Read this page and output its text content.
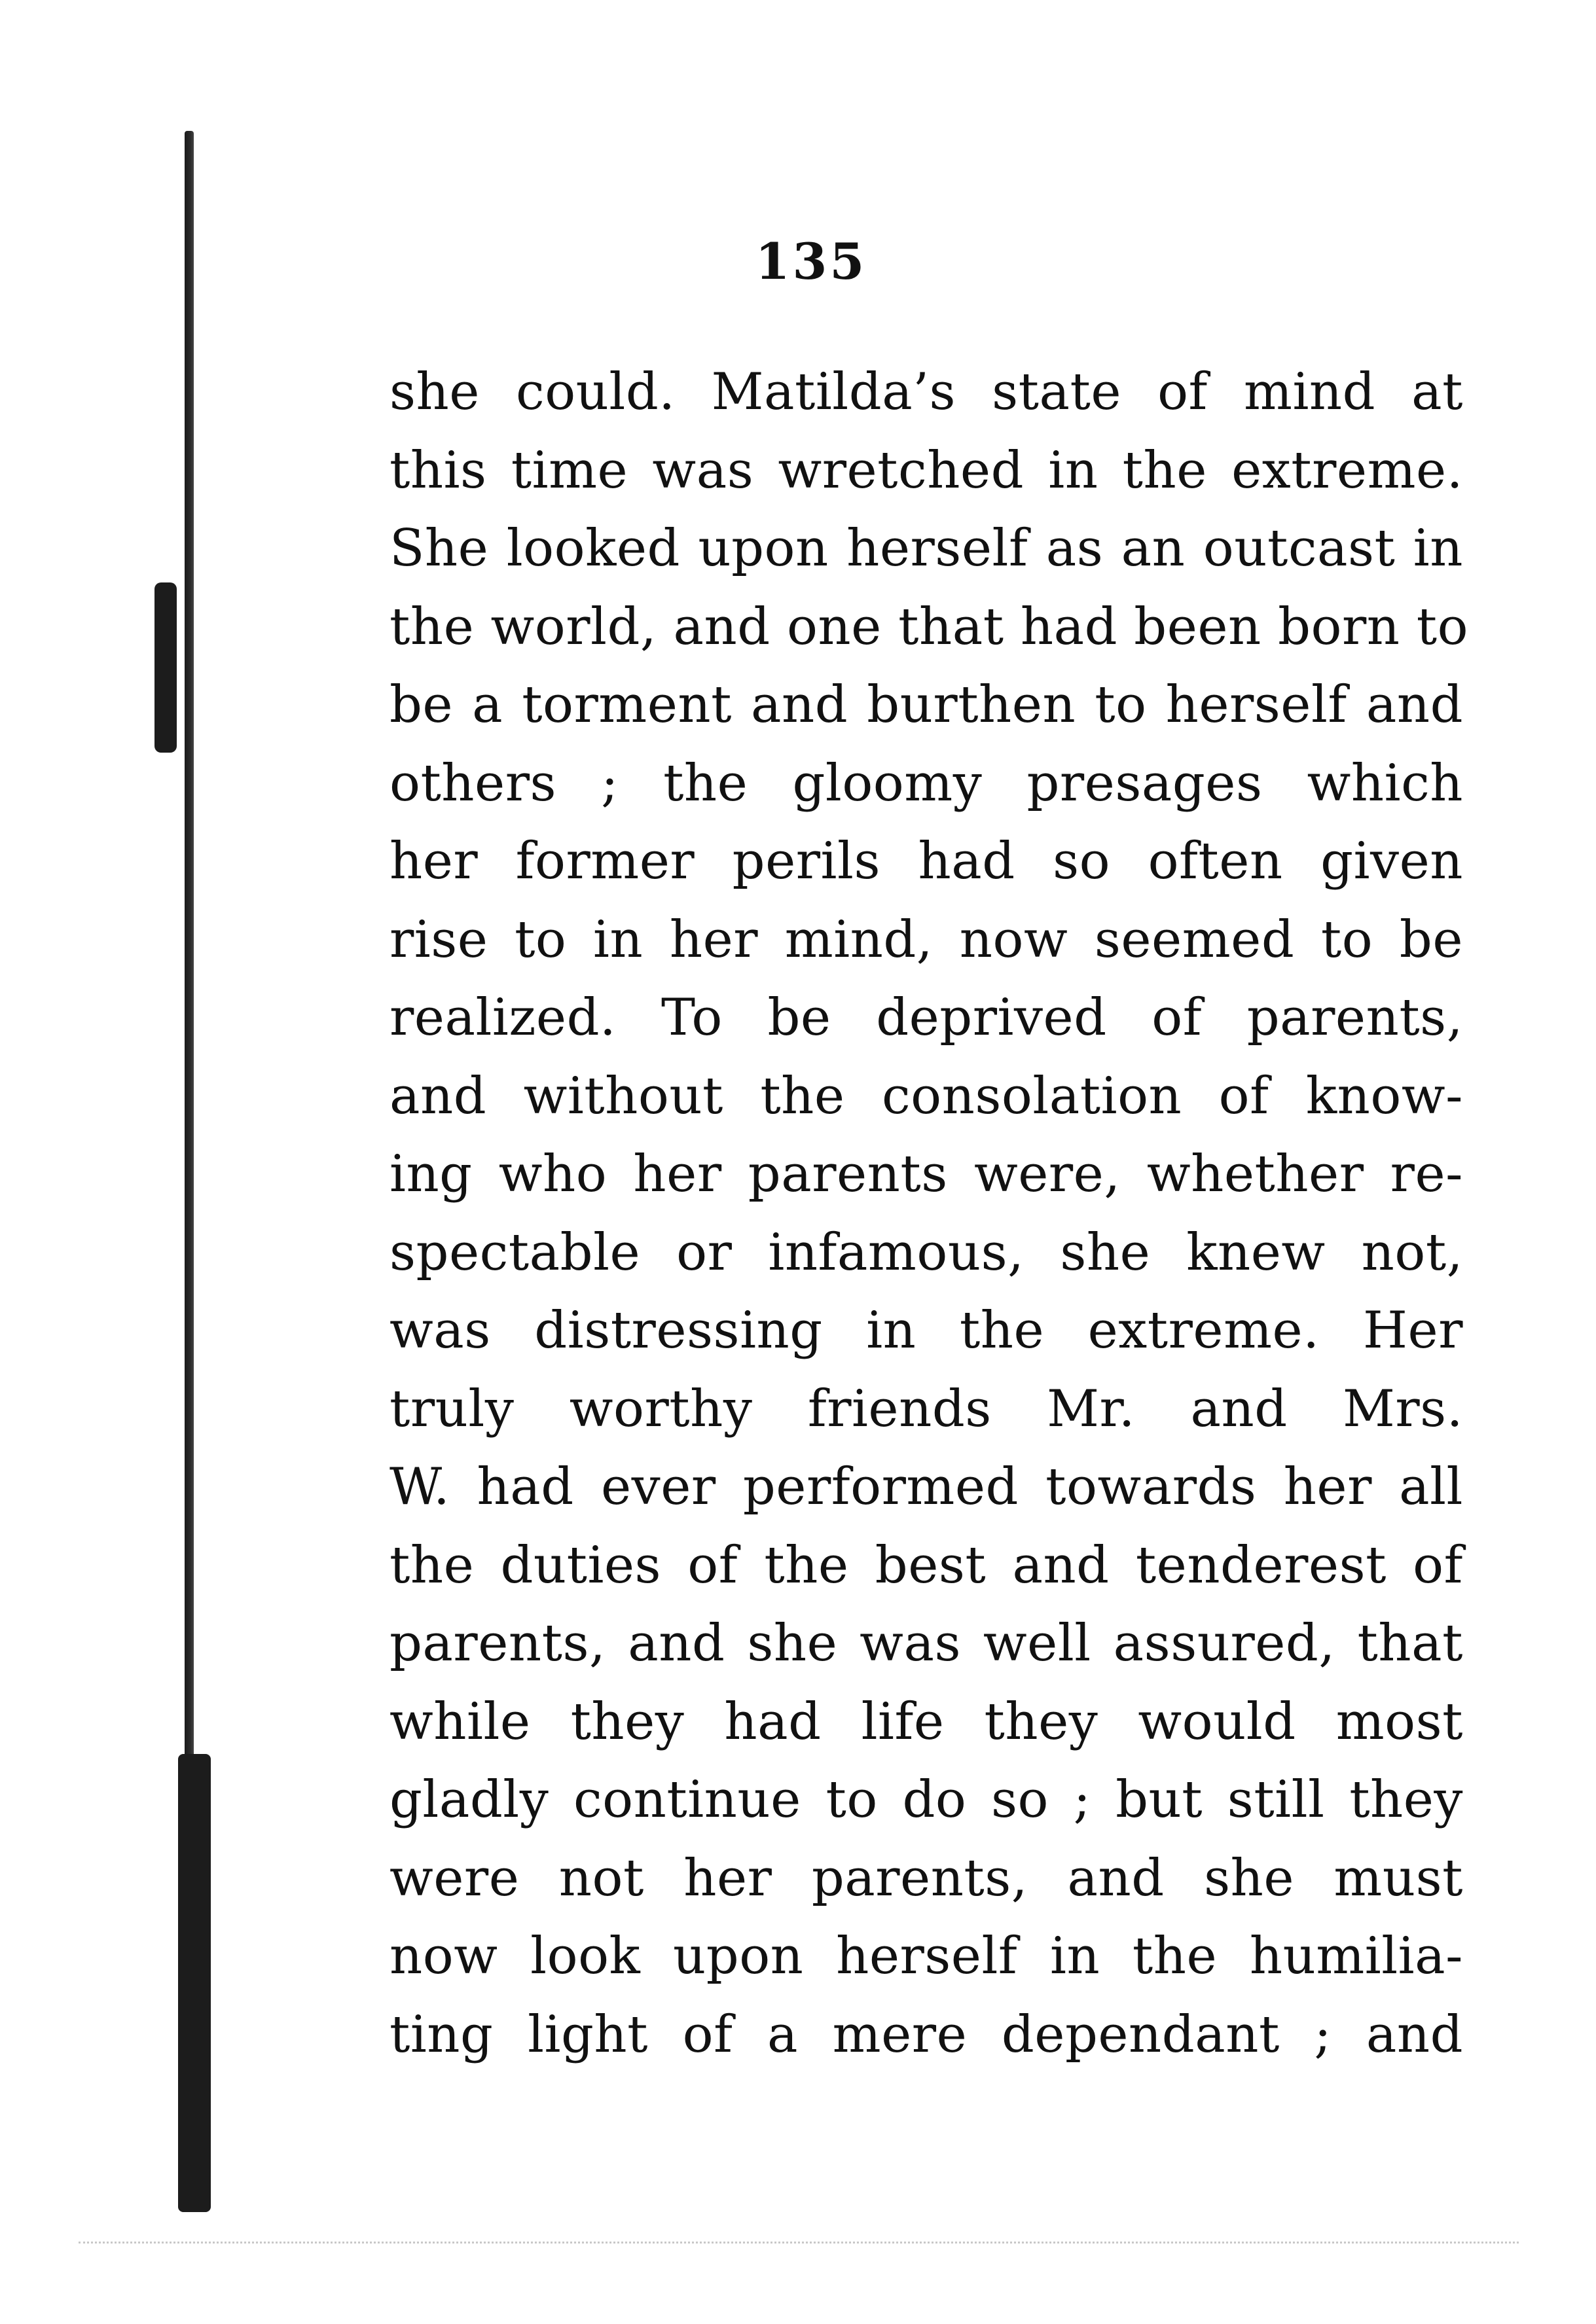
135
she could. Matilda’s state of mind at
this time was wretched in the extreme.
She looked upon herself as an outcast in
the world, and one that had been born to
be a torment and burthen to herself and
others ; the gloomy presages which
her former perils had so often given
rise to in her mind, now seemed to be
realized. To be deprived of parents,
and without the consolation of know-
ing who her parents were, whether re-
spectable or infamous, she knew not,
was distressing in the extreme. Her
truly worthy friends Mr. and Mrs.
W. had ever performed towards her all
the duties of the best and tenderest of
parents, and she was well assured, that
while they had life they would most
gladly continue to do so ; but still they
were not her parents, and she must
now look upon herself in the humilia-
ting light of a mere dependant ; and
